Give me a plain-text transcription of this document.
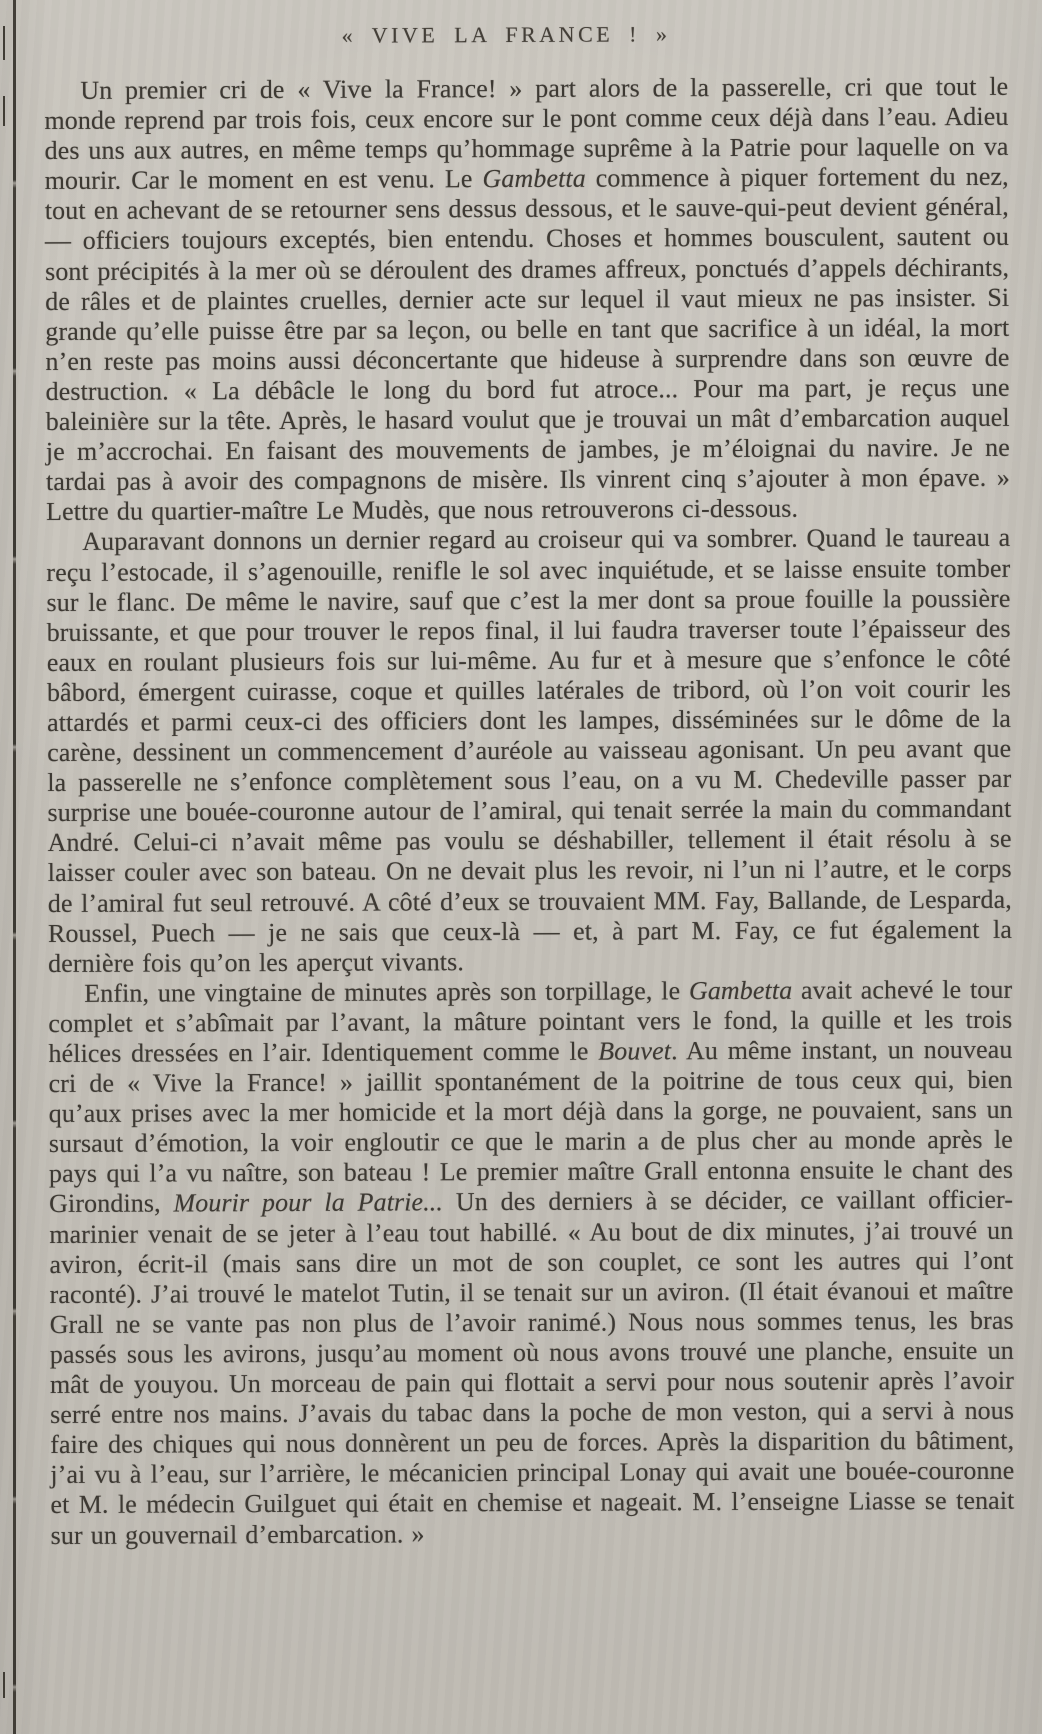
« VIVE LA FRANCE ! »

Un premier cri de « Vive la France! » part alors de la passerelle, cri que tout le monde reprend par trois fois, ceux encore sur le pont comme ceux déjà dans l’eau. Adieu des uns aux autres, en même temps qu’hommage suprême à la Patrie pour laquelle on va mourir. Car le moment en est venu. Le Gambetta commence à piquer fortement du nez, tout en achevant de se retourner sens dessus dessous, et le sauve-qui-peut devient général, — officiers toujours exceptés, bien entendu. Choses et hommes bousculent, sautent ou sont précipités à la mer où se déroulent des drames affreux, ponctués d’appels déchirants, de râles et de plaintes cruelles, dernier acte sur lequel il vaut mieux ne pas insister. Si grande qu’elle puisse être par sa leçon, ou belle en tant que sacrifice à un idéal, la mort n’en reste pas moins aussi déconcertante que hideuse à surprendre dans son œuvre de destruction. « La débâcle le long du bord fut atroce... Pour ma part, je reçus une baleinière sur la tête. Après, le hasard voulut que je trouvai un mât d’embarcation auquel je m’accrochai. En faisant des mouvements de jambes, je m’éloignai du navire. Je ne tardai pas à avoir des compagnons de misère. Ils vinrent cinq s’ajouter à mon épave. » Lettre du quartier-maître Le Mudès, que nous retrouverons ci-dessous.

Auparavant donnons un dernier regard au croiseur qui va sombrer. Quand le taureau a reçu l’estocade, il s’agenouille, renifle le sol avec inquiétude, et se laisse ensuite tomber sur le flanc. De même le navire, sauf que c’est la mer dont sa proue fouille la poussière bruissante, et que pour trouver le repos final, il lui faudra traverser toute l’épaisseur des eaux en roulant plusieurs fois sur lui-même. Au fur et à mesure que s’enfonce le côté bâbord, émergent cuirasse, coque et quilles latérales de tribord, où l’on voit courir les attardés et parmi ceux-ci des officiers dont les lampes, disséminées sur le dôme de la carène, dessinent un commencement d’auréole au vaisseau agonisant. Un peu avant que la passerelle ne s’enfonce complètement sous l’eau, on a vu M. Chedeville passer par surprise une bouée-couronne autour de l’amiral, qui tenait serrée la main du commandant André. Celui-ci n’avait même pas voulu se déshabiller, tellement il était résolu à se laisser couler avec son bateau. On ne devait plus les revoir, ni l’un ni l’autre, et le corps de l’amiral fut seul retrouvé. A côté d’eux se trouvaient MM. Fay, Ballande, de Lesparda, Roussel, Puech — je ne sais que ceux-là — et, à part M. Fay, ce fut également la dernière fois qu’on les aperçut vivants.

Enfin, une vingtaine de minutes après son torpillage, le Gambetta avait achevé le tour complet et s’abîmait par l’avant, la mâture pointant vers le fond, la quille et les trois hélices dressées en l’air. Identiquement comme le Bouvet. Au même instant, un nouveau cri de « Vive la France! » jaillit spontanément de la poitrine de tous ceux qui, bien qu’aux prises avec la mer homicide et la mort déjà dans la gorge, ne pouvaient, sans un sursaut d’émotion, la voir engloutir ce que le marin a de plus cher au monde après le pays qui l’a vu naître, son bateau ! Le premier maître Grall entonna ensuite le chant des Girondins, Mourir pour la Patrie... Un des derniers à se décider, ce vaillant officier-marinier venait de se jeter à l’eau tout habillé. « Au bout de dix minutes, j’ai trouvé un aviron, écrit-il (mais sans dire un mot de son couplet, ce sont les autres qui l’ont raconté). J’ai trouvé le matelot Tutin, il se tenait sur un aviron. (Il était évanoui et maître Grall ne se vante pas non plus de l’avoir ranimé.) Nous nous sommes tenus, les bras passés sous les avirons, jusqu’au moment où nous avons trouvé une planche, ensuite un mât de youyou. Un morceau de pain qui flottait a servi pour nous soutenir après l’avoir serré entre nos mains. J’avais du tabac dans la poche de mon veston, qui a servi à nous faire des chiques qui nous donnèrent un peu de forces. Après la disparition du bâtiment, j’ai vu à l’eau, sur l’arrière, le mécanicien principal Lonay qui avait une bouée-couronne et M. le médecin Guilguet qui était en chemise et nageait. M. l’enseigne Liasse se tenait sur un gouvernail d’embarcation. »
